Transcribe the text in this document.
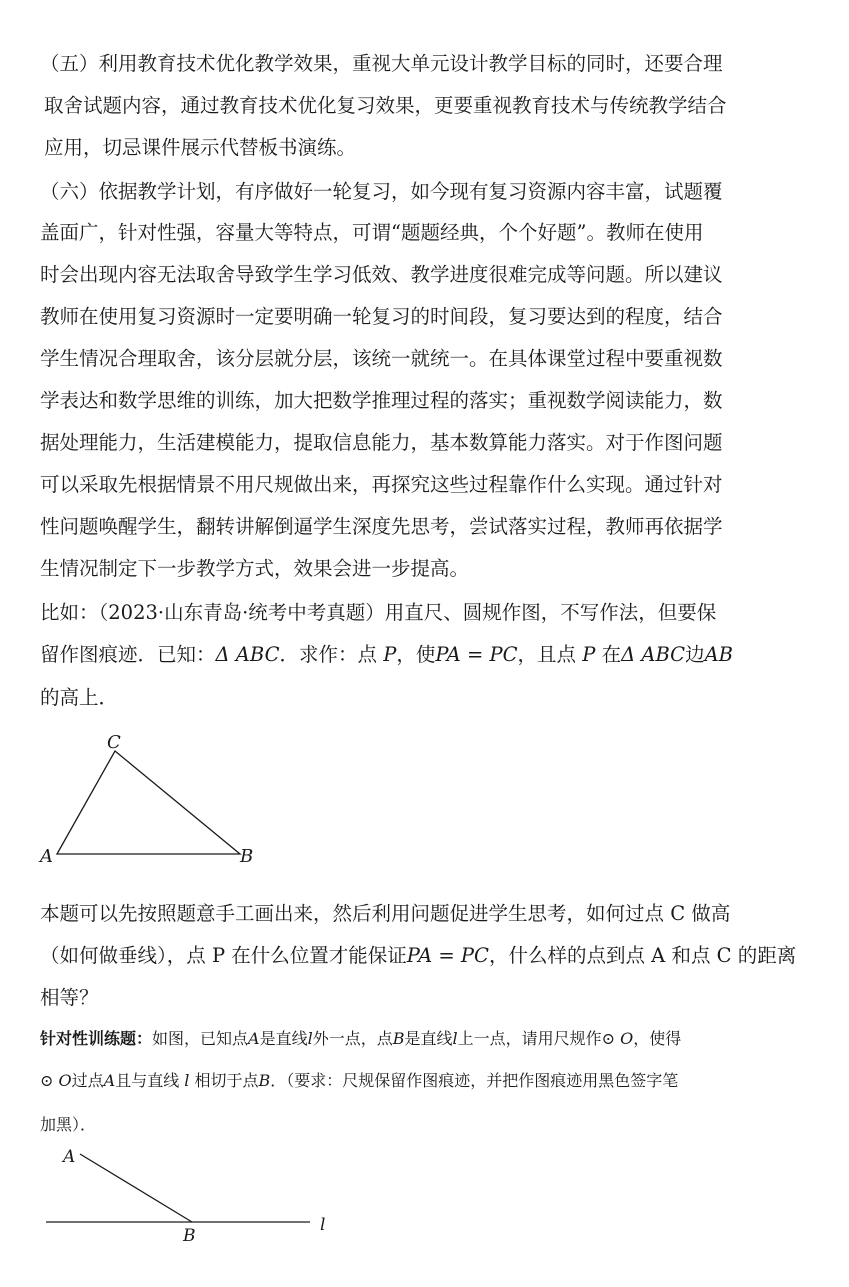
（五）利用教育技术优化教学效果，重视大单元设计教学目标的同时，还要合理
取舍试题内容，通过教育技术优化复习效果，更要重视教育技术与传统教学结合
应用，切忌课件展示代替板书演练。
（六）依据教学计划，有序做好一轮复习，如今现有复习资源内容丰富，试题覆
盖面广，针对性强，容量大等特点，可谓“题题经典，个个好题”。教师在使用
时会出现内容无法取舍导致学生学习低效、教学进度很难完成等问题。所以建议
教师在使用复习资源时一定要明确一轮复习的时间段，复习要达到的程度，结合
学生情况合理取舍，该分层就分层，该统一就统一。在具体课堂过程中要重视数
学表达和数学思维的训练，加大把数学推理过程的落实；重视数学阅读能力，数
据处理能力，生活建模能力，提取信息能力，基本数算能力落实。对于作图问题
可以采取先根据情景不用尺规做出来，再探究这些过程靠作什么实现。通过针对
性问题唤醒学生，翻转讲解倒逼学生深度先思考，尝试落实过程，教师再依据学
生情况制定下一步教学方式，效果会进一步提高。
比如：（2023·山东青岛·统考中考真题）用直尺、圆规作图，不写作法，但要保
留作图痕迹．已知：Δ ABC．求作：点 P，使PA = PC，且点 P 在Δ ABC边AB
的高上．
C
A	B
本题可以先按照题意手工画出来，然后利用问题促进学生思考，如何过点 C 做高
（如何做垂线），点 P 在什么位置才能保证PA = PC，什么样的点到点 A 和点 C 的距离
相等？
针对性训练题：如图，已知点A是直线l外一点，点B是直线l上一点，请用尺规作⊙ O，使得
⊙ O过点A且与直线 l 相切于点B．（要求：尺规保留作图痕迹，并把作图痕迹用黑色签字笔
加黑）．
A
B
l
